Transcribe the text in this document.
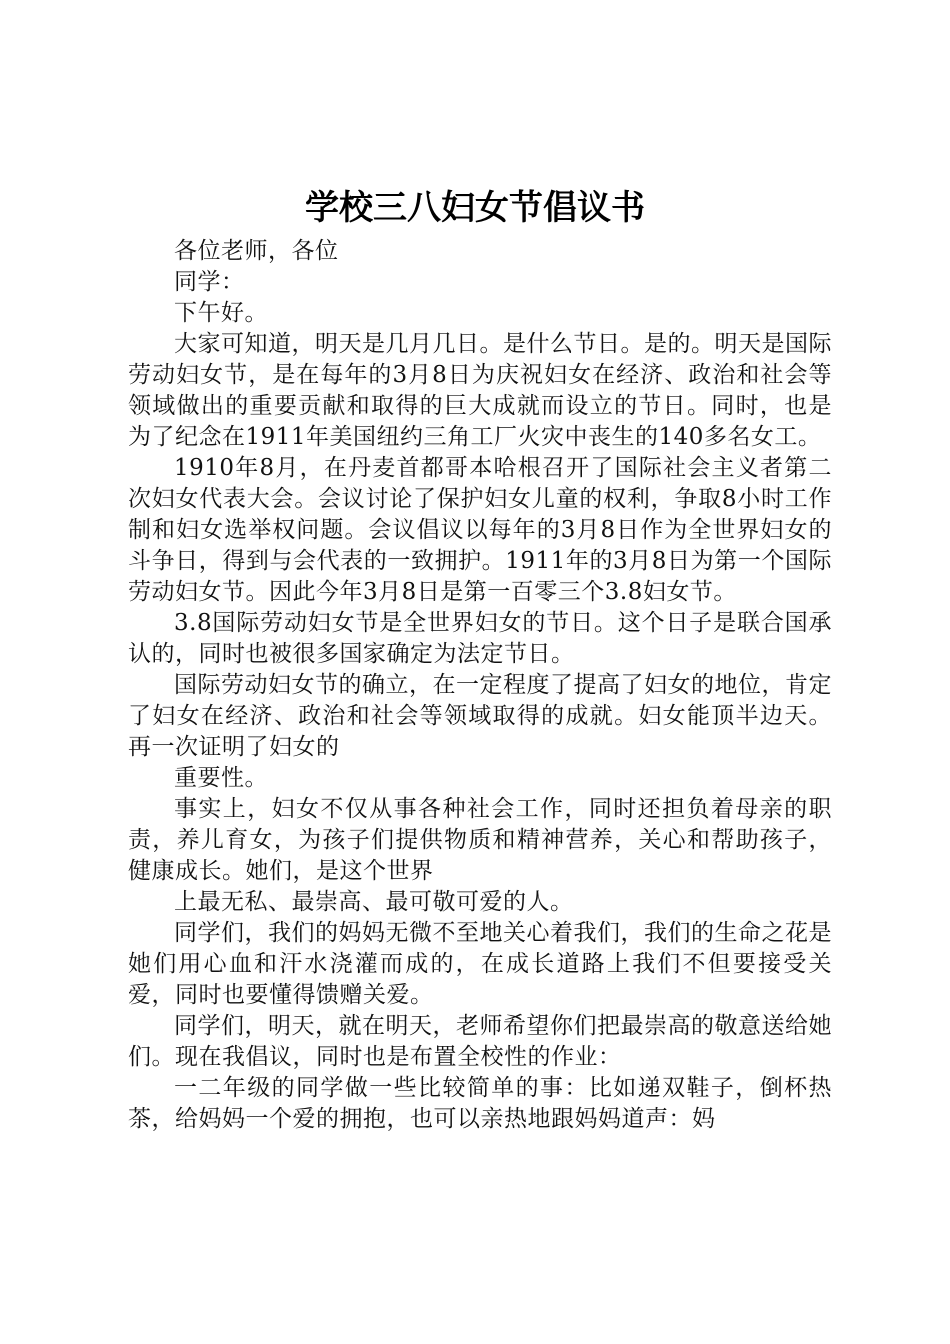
学校三八妇女节倡议书

各位老师，各位

同学：

下午好。

大家可知道，明天是几月几日。是什么节日。是的。明天是国际劳动妇女节，是在每年的3月8日为庆祝妇女在经济、政治和社会等领域做出的重要贡献和取得的巨大成就而设立的节日。同时，也是为了纪念在1911年美国纽约三角工厂火灾中丧生的140多名女工。

1910年8月，在丹麦首都哥本哈根召开了国际社会主义者第二次妇女代表大会。会议讨论了保护妇女儿童的权利，争取8小时工作制和妇女选举权问题。会议倡议以每年的3月8日作为全世界妇女的斗争日，得到与会代表的一致拥护。1911年的3月8日为第一个国际劳动妇女节。因此今年3月8日是第一百零三个3.8妇女节。

3.8国际劳动妇女节是全世界妇女的节日。这个日子是联合国承认的，同时也被很多国家确定为法定节日。

国际劳动妇女节的确立，在一定程度了提高了妇女的地位，肯定了妇女在经济、政治和社会等领域取得的成就。妇女能顶半边天。再一次证明了妇女的

重要性。

事实上，妇女不仅从事各种社会工作，同时还担负着母亲的职责，养儿育女，为孩子们提供物质和精神营养，关心和帮助孩子，健康成长。她们，是这个世界

上最无私、最崇高、最可敬可爱的人。

同学们，我们的妈妈无微不至地关心着我们，我们的生命之花是她们用心血和汗水浇灌而成的，在成长道路上我们不但要接受关爱，同时也要懂得馈赠关爱。

同学们，明天，就在明天，老师希望你们把最崇高的敬意送给她们。现在我倡议，同时也是布置全校性的作业：

一二年级的同学做一些比较简单的事：比如递双鞋子，倒杯热茶，给妈妈一个爱的拥抱，也可以亲热地跟妈妈道声：妈
